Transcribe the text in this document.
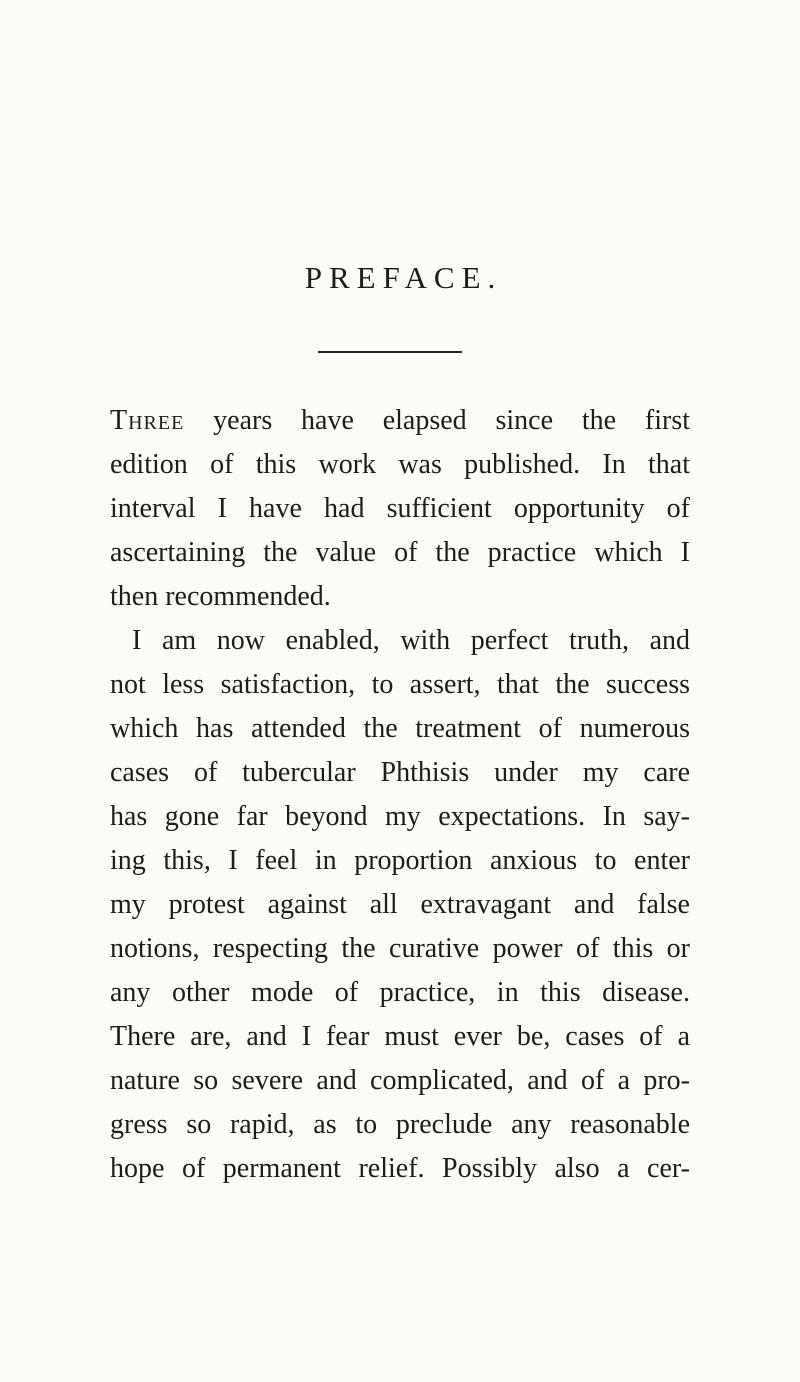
PREFACE.

Three years have elapsed since the first
edition of this work was published. In that
interval I have had sufficient opportunity of
ascertaining the value of the practice which I
then recommended.

I am now enabled, with perfect truth, and
not less satisfaction, to assert, that the success
which has attended the treatment of numerous
cases of tubercular Phthisis under my care
has gone far beyond my expectations. In say-
ing this, I feel in proportion anxious to enter
my protest against all extravagant and false
notions, respecting the curative power of this or
any other mode of practice, in this disease.
There are, and I fear must ever be, cases of a
nature so severe and complicated, and of a pro-
gress so rapid, as to preclude any reasonable
hope of permanent relief. Possibly also a cer-
